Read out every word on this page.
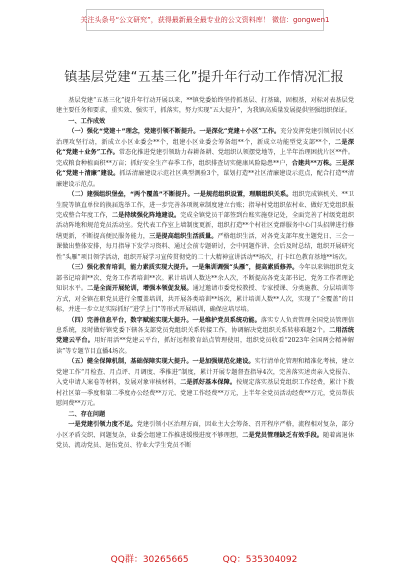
关注头条号“公文研究”，获得最新最全最专业的公文资料库！ 微信：gongwen1
镇基层党建“五基三化”提升年行动工作情况汇报

基层党建“五基三化”提升年行动开展以来，**镇党委始终坚持抓基层、打基础，固根基，对标对表基层党建主要任务和要求，重实效、强实干，抓落实，努力实现“五大提升”，为我镇高质量发展提供坚强组织保证。

一、工作成效

（一）强化“党建＋”理念，党建引领不断提升。一是深化“党建＋小区”工作。充分发挥党建引领居民小区治理攻坚行动，新成立小区业委会**个，组建小区业委会筹备组**个，新成立功能型党支部**个，二是深化“党建＋业务”工作。常态化推进党建引领助力春耕备耕、党组织认领摆党地等，上半年治理困扰片区**件。完成粮食种植面积**万亩；抓好安全生产春季工作，组织排查切实健康风险隐患**户，合建共**万株。三是深化“党建＋清廉”建设。抓话清廉建设示范社区典型测验3个，谋划打造**社区清廉建设示范点，配合打造**清廉建设示范点。

（二）建强组织堡垒，“两个覆盖”不断提升。一是规范组织设置，理顺组织关系。组织完成镇机关、**卫生院等镇直单位的换届选举工作，进一步完善各项规章制度建立台账；指导村党组织依村业、做好无党组织报完成整合年度工作，二是持续强化阵地建设。完成全镇党员干部签到台账实施登记处，全面完善了村级党组织活动阵地和规范党员活动室。党代表工作室上墙制度更新，组织打造**个村社区党群服务中心门头招牌进行修缮更新，不断提高便民服务能力，三是提高组织生活质量。严格组织生活，对各党支部年度主题党日、三会一课做出整体安排，每月指导下发学习资料、通过会前专题研讨，会中同题作讲、会后及时总结，组织开展研究性“头雁”项目领学活动，组织开展学习宣传贯彻党的二十大精神宣讲活动**场次，打卡红色教育基地**场次。

（三）强化教育培训，能力素质实现大提升。一是集训调强“头雁”，提高素质修养。今年以来镇组织党支部书记培训**次、党务工作者培训**次。累计培训人数达**余人次，不断提高各党支部书记、党务工作者理论知识水平。二是全面开展轮训，增强本领促发展。通过邀请市委党校教授、专家授课、分类施教、分层培训等方式，对全镇在职党员进行全覆盖培训，共开展各类培训**场次，累计培训人数**人次，实现了“全覆盖”的目标，并进一步立足实际抓好“进学上门”等形式开展培训，确保应培尽培。

（四）完善信息平台，数字赋能实现大提升。一是维护党员系统功能。落实专人负责管理全国党员管理信息系统，及时做好镇党委下辖各支部党员党组织关系转接工作，协调解决党组织关系转移难题2个。二用活统党建云平台。用好用活**党建云平台，抓好远程教育站点管理使用，组织党员收看“2023年全国两会精神解读”等专题节目直播4场次。

（五）健全保障机制，基础保障实现大提升。一是加强规范化建设。实行清单化管理和精准化考核，建立党建工作“月检查、月点评、月调度、季推进”制度，累计开展专题督查指导4次，完善落实述责亲入党报告、入党申请人案卷等材料，发展对象审核材料，二是抓好基本保障。按规定落实基层党组织工作经费，累计下拨村社区第一季度和第二季度办公经费**万元、党建工作经费**万元，上半年全党员活动经费**万元，党员帮扶慰问费**万元。

二、存在问题

一是党建引领力度不足。党建引领小区治理方面，因业主大会筹备、召开程序严格，流程相对复杂，部分小区矛盾交织、问题复杂，业委会组建工作推进缓慢进度不够理想，二是党员管理缺乏有效手段。随着离退休党员、流动党员、退伍党员、待业大学生党员不断

QQ群：30265665	QQ：535304092
